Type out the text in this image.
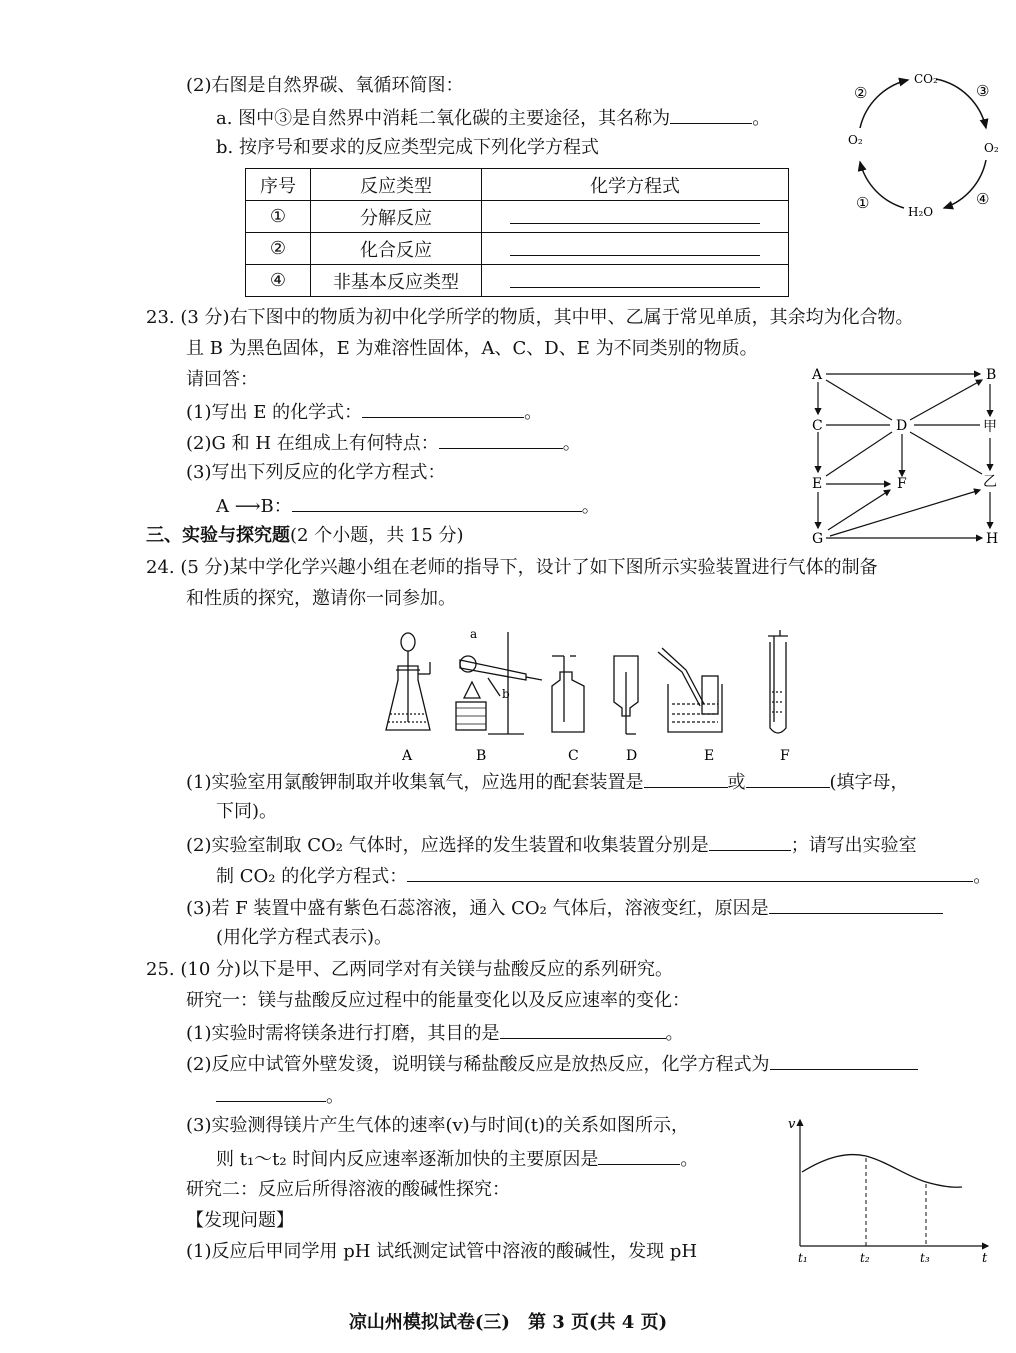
(2)右图是自然界碳、氧循环简图：
a. 图中③是自然界中消耗二氧化碳的主要途径，其名称为	。
b. 按序号和要求的反应类型完成下列化学方程式
序号	反应类型	化学方程式
①	分解反应	
②	化合反应	
④	非基本反应类型	
CO₂
O₂
O₂
H₂O
②	③
①	④
23. (3 分)右下图中的物质为初中化学所学的物质，其中甲、乙属于常见单质，其余均为化合物。
且 B 为黑色固体，E 为难溶性固体，A、C、D、E 为不同类别的物质。
请回答：
(1)写出 E 的化学式：	。
(2)G 和 H 在组成上有何特点：	。
(3)写出下列反应的化学方程式：
A ⟶B：	。
A	B
C	D	甲
E	F	乙
G	H
三、实验与探究题(2 个小题，共 15 分)
24. (5 分)某中学化学兴趣小组在老师的指导下，设计了如下图所示实验装置进行气体的制备
和性质的探究，邀请你一同参加。
a
b
A	B	C	D	E	F
(1)实验室用氯酸钾制取并收集氧气，应选用的配套装置是	或	(填字母，
下同)。
(2)实验室制取 CO₂ 气体时，应选择的发生装置和收集装置分别是	；请写出实验室
制 CO₂ 的化学方程式：	。
(3)若 F 装置中盛有紫色石蕊溶液，通入 CO₂ 气体后，溶液变红，原因是
(用化学方程式表示)。
25. (10 分)以下是甲、乙两同学对有关镁与盐酸反应的系列研究。
研究一：镁与盐酸反应过程中的能量变化以及反应速率的变化：
(1)实验时需将镁条进行打磨，其目的是	。
(2)反应中试管外壁发烫，说明镁与稀盐酸反应是放热反应，化学方程式为
。
(3)实验测得镁片产生气体的速率(v)与时间(t)的关系如图所示，
则 t₁～t₂ 时间内反应速率逐渐加快的主要原因是	。
研究二：反应后所得溶液的酸碱性探究：
【发现问题】
(1)反应后甲同学用 pH 试纸测定试管中溶液的酸碱性，发现 pH
v
t
t₁	t₂	t₃
凉山州模拟试卷(三)　第 3 页(共 4 页)
